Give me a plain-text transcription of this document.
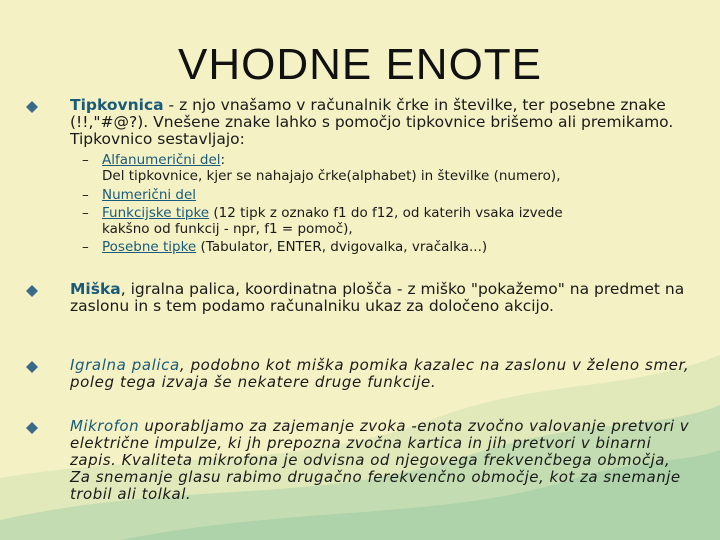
VHODNE ENOTE
Tipkovnica - z njo vnašamo v računalnik črke in številke, ter posebne znake (!!,"#@?). Vnešene znake lahko s pomočjo tipkovnice brišemo ali premikamo. Tipkovnico sestavljajo:
– Alfanumerični del:
Del tipkovnice, kjer se nahajajo črke(alphabet) in številke (numero),
– Numerični del
– Funkcijske tipke (12 tipk z oznako f1 do f12, od katerih vsaka izvede
kakšno od funkcij - npr, f1 = pomoč),
– Posebne tipke (Tabulator, ENTER, dvigovalka, vračalka...)
Miška, igralna palica, koordinatna plošča - z miško "pokažemo" na predmet na zaslonu in s tem podamo računalniku ukaz za določeno akcijo.
Igralna palica, podobno kot miška pomika kazalec na zaslonu v želeno smer, poleg tega izvaja še nekatere druge funkcije.
Mikrofon uporabljamo za zajemanje zvoka -enota zvočno valovanje pretvori v električne impulze, ki jh prepozna zvočna kartica in jih pretvori v binarni zapis. Kvaliteta mikrofona je odvisna od njegovega frekvenčbega območja, Za snemanje glasu rabimo drugačno ferekvenčno območje, kot za snemanje trobil ali tolkal.
